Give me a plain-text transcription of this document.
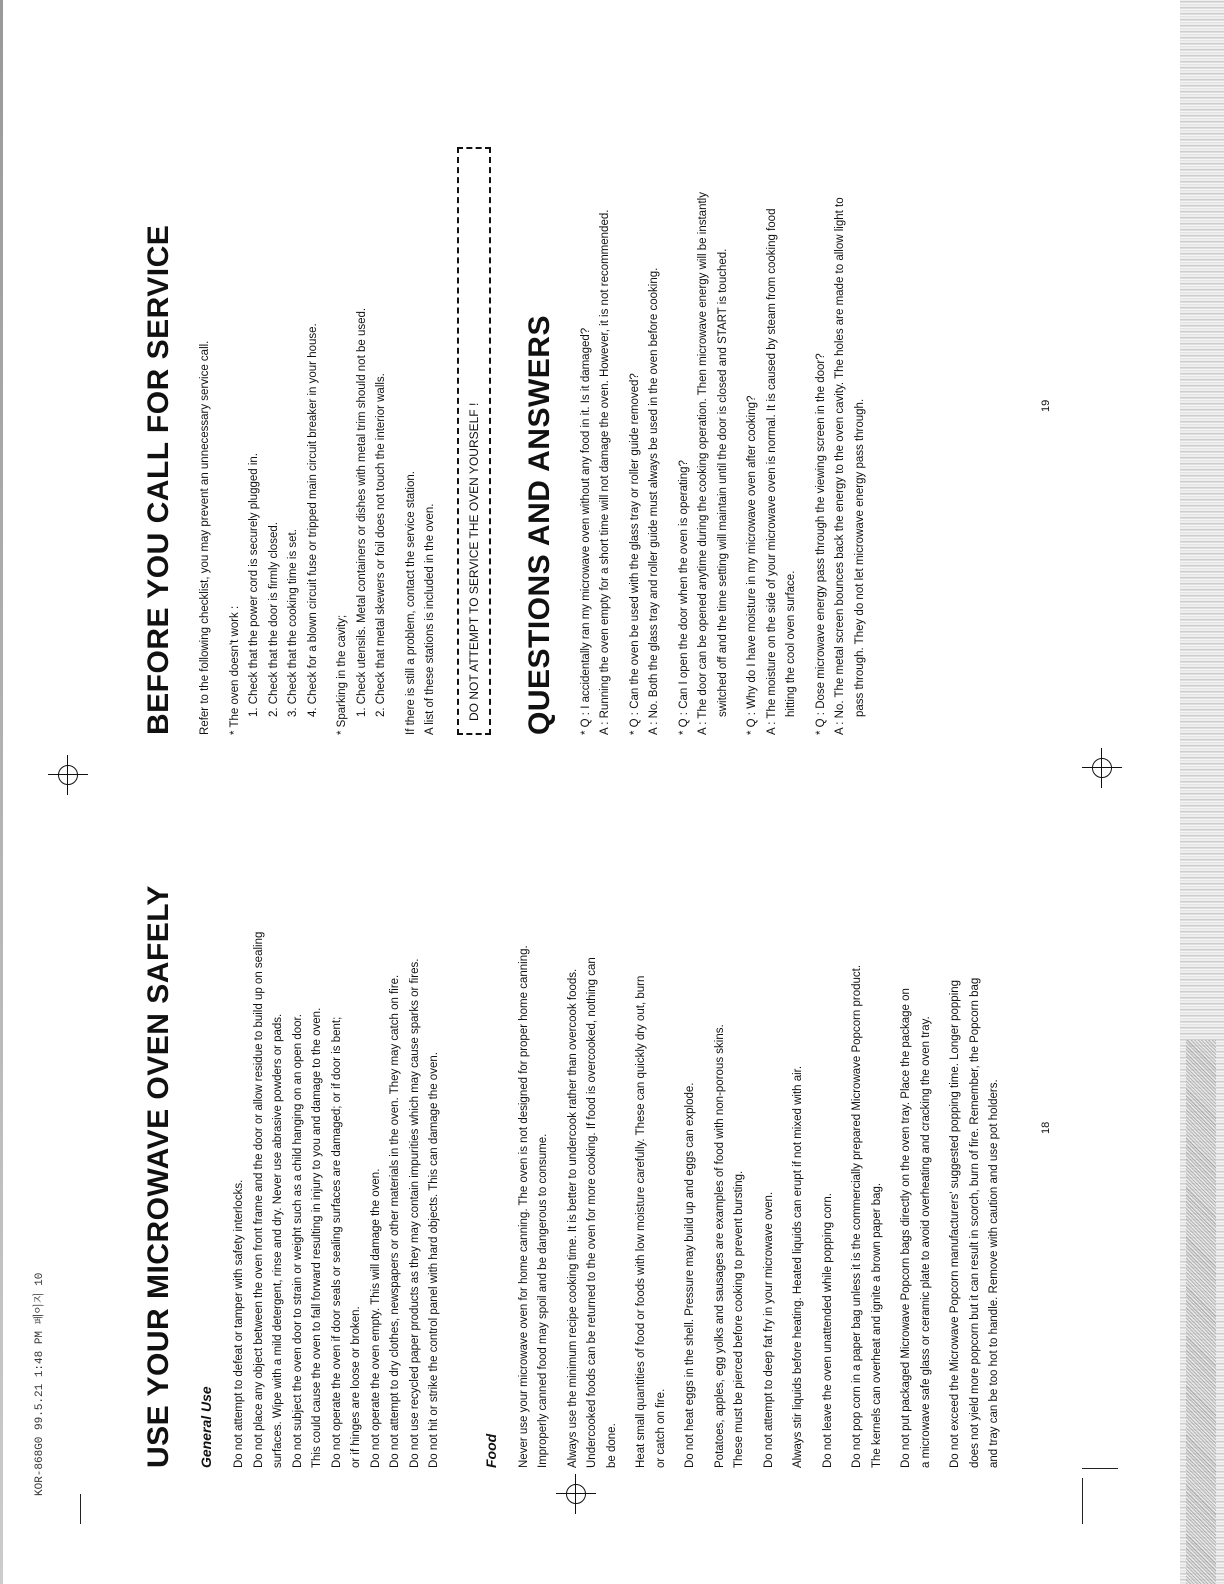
KOR-868G0 99.5.21 1:48 PM 페이지 10	USE YOUR MICROWAVE OVEN SAFELY General Use Do not attempt to defeat or tamper with safety interlocks. Do not place any object between the oven front frame and the door or allow residue to build up on sealing surfaces. Wipe with a mild detergent, rinse and dry. Never use abrasive powders or pads. Do not subject the oven door to strain or weight such as a child hanging on an open door. This could cause the oven to fall forward resulting in injury to you and damage to the oven. Do not operate the oven if door seals or sealing surfaces are damaged; or if door is bent; or if hinges are loose or broken. Do not operate the oven empty. This will damage the oven. Do not attempt to dry clothes, newspapers or other materials in the oven. They may catch on fire. Do not use recycled paper products as they may contain impurities which may cause sparks or fires. Do not hit or strike the control panel with hard objects. This can damage the oven.	Food Never use your microwave oven for home canning. The oven is not designed for proper home canning. Improperly canned food may spoil and be dangerous to consume. Always use the minimum recipe cooking time. It is better to undercook rather than overcook foods. Undercooked foods can be returned to the oven for more cooking. If food is overcooked, nothing can be done. Heat small quantities of food or foods with low moisture carefully. These can quickly dry out, burn or catch on fire. Do not heat eggs in the shell. Pressure may build up and eggs can explode. Potatoes, apples, egg yolks and sausages are examples of food with non-porous skins. These must be pierced before cooking to prevent bursting. Do not attempt to deep fat fry in your microwave oven. Always stir liquids before heating. Heated liquids can erupt if not mixed with air. Do not leave the oven unattended while popping corn. Do not pop corn in a paper bag unless it is the commercially prepared Microwave Popcorn product. The kernels can overheat and ignite a brown paper bag. Do not put packaged Microwave Popcorn bags directly on the oven tray. Place the package on a microwave safe glass or ceramic plate to avoid overheating and cracking the oven tray. Do not exceed the Microwave Popcorn manufacturers' suggested popping time. Longer popping does not yield more popcorn but it can result in scorch, burn of fire. Remember, the Popcorn bag and tray can be too hot to handle. Remove with caution and use pot holders.	18
BEFORE YOU CALL FOR SERVICE Refer to the following checklist, you may prevent an unnecessary service call. * The oven doesn't work : 1. Check that the power cord is securely plugged in. 2. Check that the door is firmly closed. 3. Check that the cooking time is set. 4. Check for a blown circuit fuse or tripped main circuit breaker in your house. * Sparking in the cavity; 1. Check utensils. Metal containers or dishes with metal trim should not be used. 2. Check that metal skewers or foil does not touch the interior walls. If there is still a problem, contact the service station. A list of these stations is included in the oven.	DO NOT ATTEMPT TO SERVICE THE OVEN YOURSELF !	QUESTIONS AND ANSWERS * Q : I accidentally ran my microwave oven without any food in it. Is it damaged? A : Running the oven empty for a short time will not damage the oven. However, it is not recommended. * Q : Can the oven be used with the glass tray or roller guide removed? A : No. Both the glass tray and roller guide must always be used in the oven before cooking. * Q : Can I open the door when the oven is operating? A : The door can be opened anytime during the cooking operation. Then microwave energy will be instantly switched off and the time setting will maintain until the door is closed and START is touched. * Q : Why do I have moisture in my microwave oven after cooking? A : The moisture on the side of your microwave oven is normal. It is caused by steam from cooking food hitting the cool oven surface. * Q : Dose microwave energy pass through the viewing screen in the door? A : No. The metal screen bounces back the energy to the oven cavity. The holes are made to allow light to pass through. They do not let microwave energy pass through.	19
